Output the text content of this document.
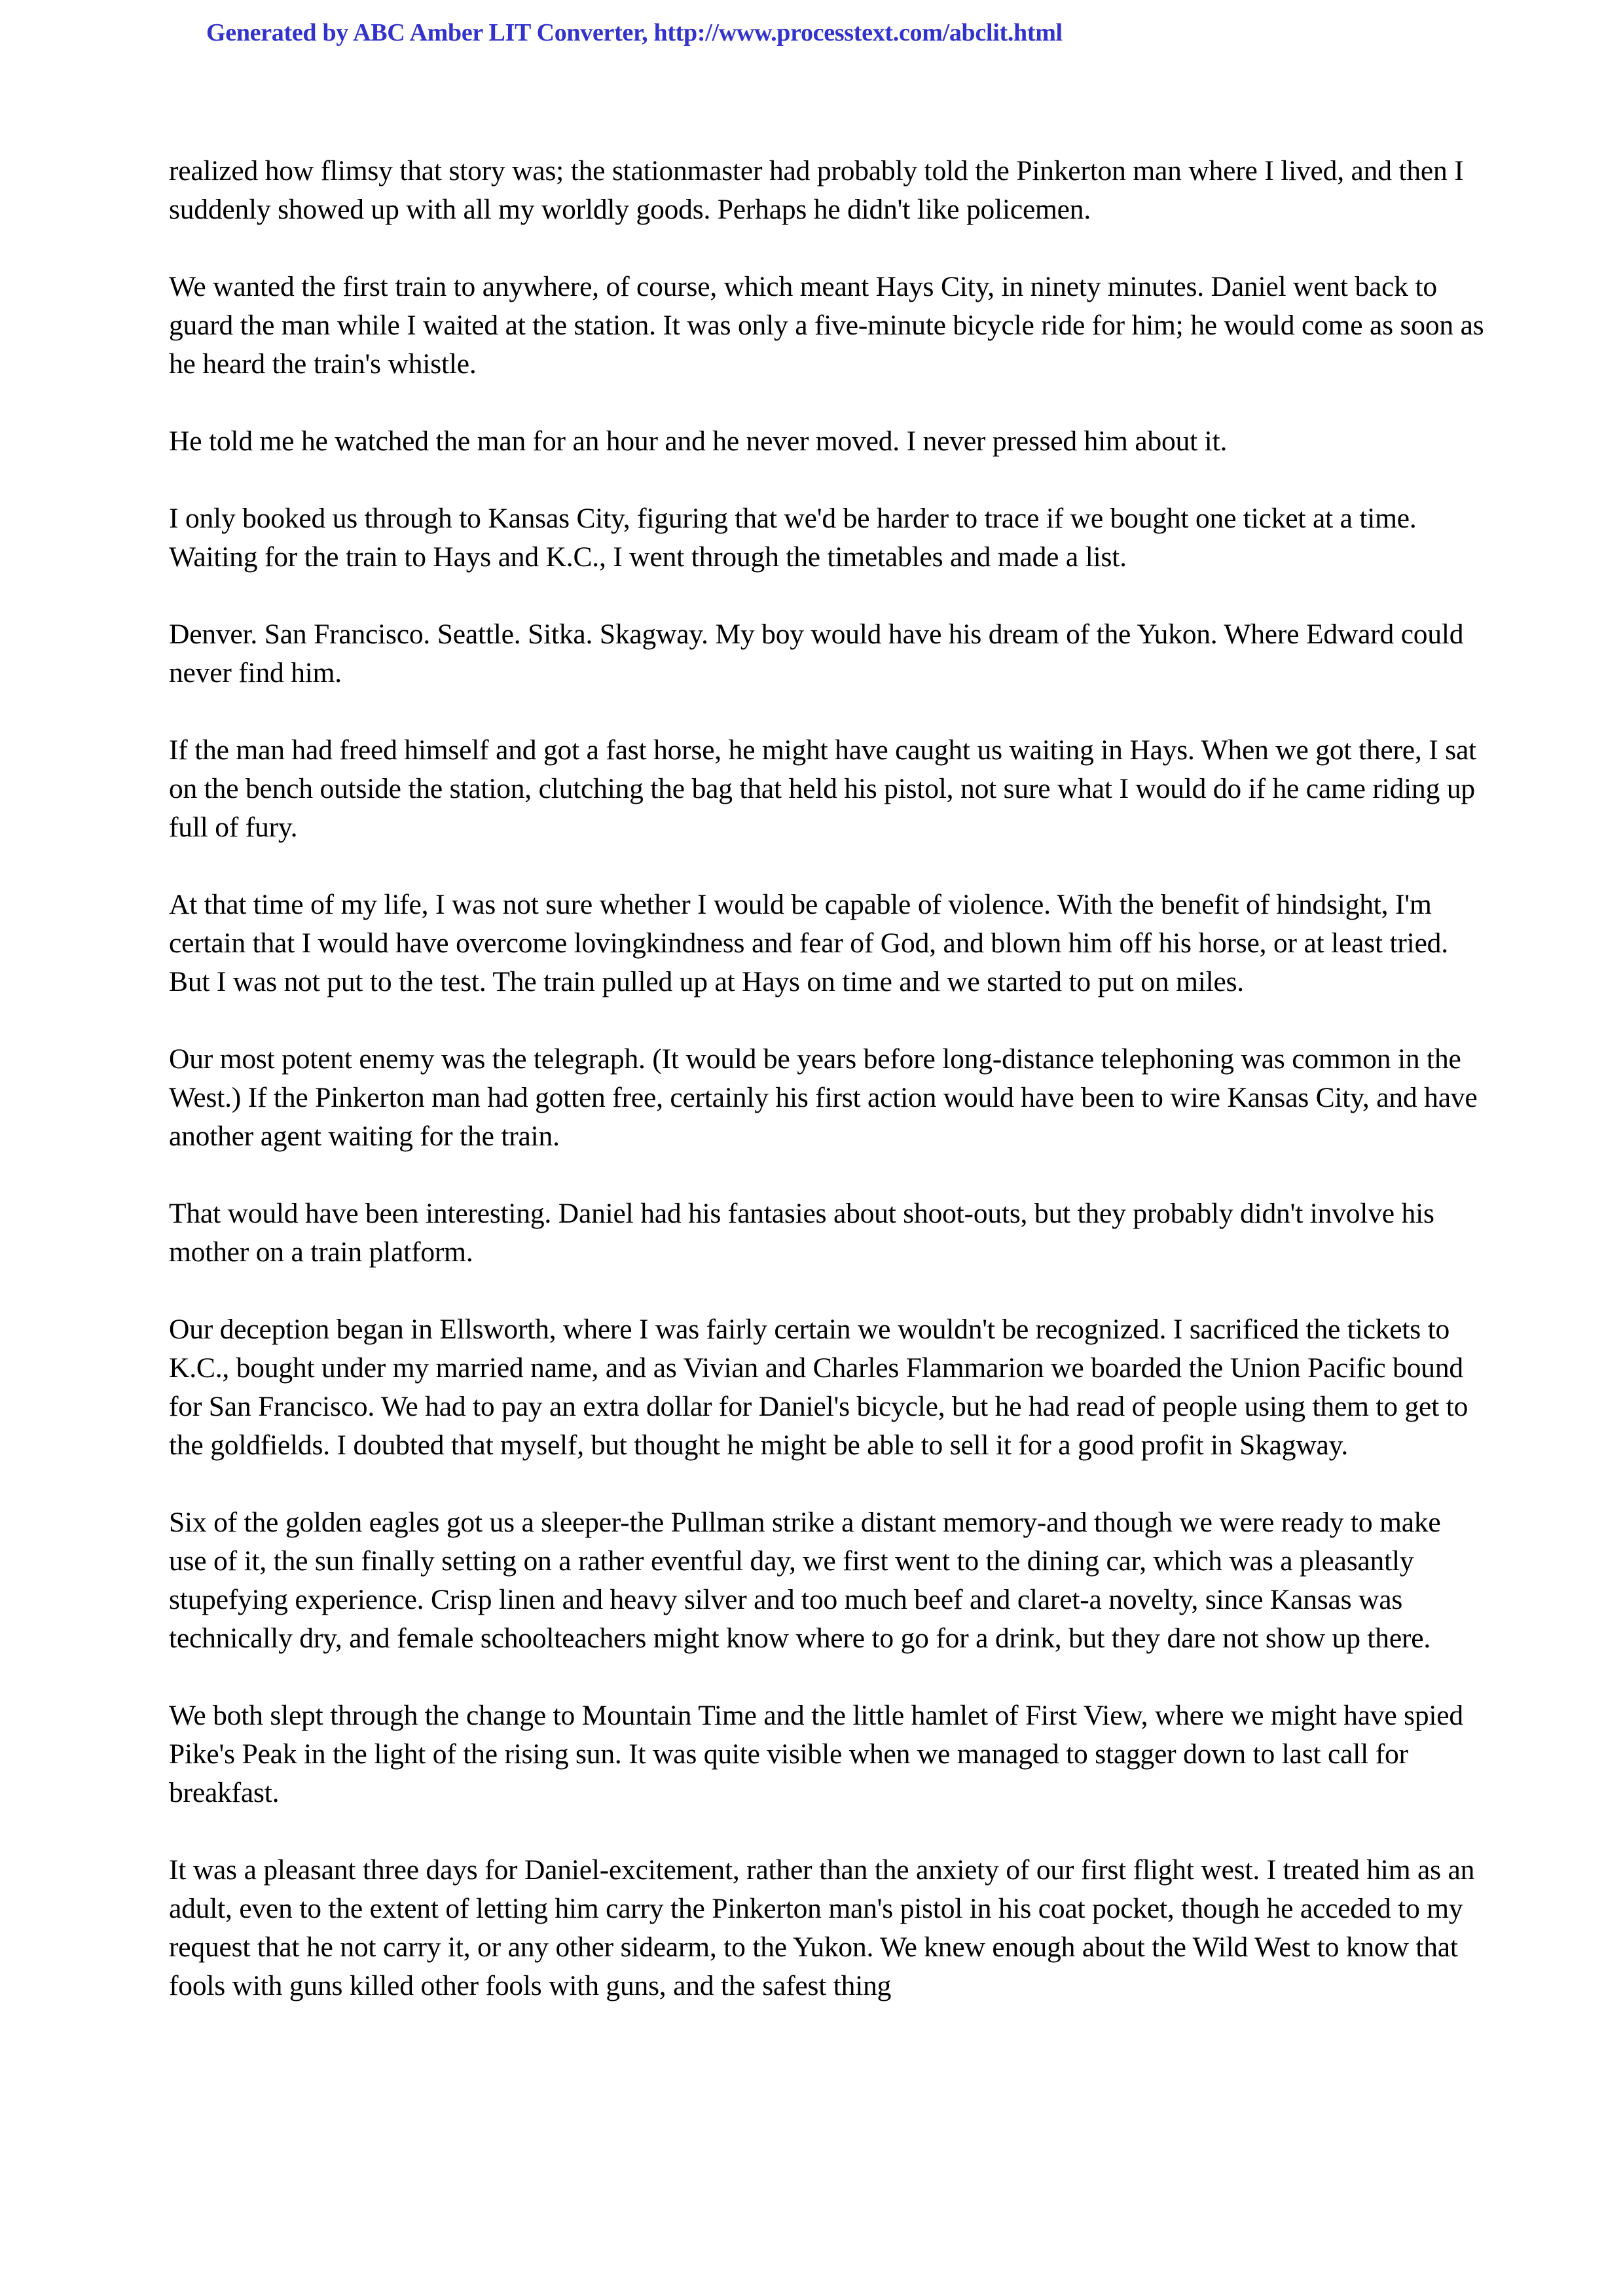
Generated by ABC Amber LIT Converter, http://www.processtext.com/abclit.html

realized how flimsy that story was; the stationmaster had probably told the Pinkerton man where I lived, and then I suddenly showed up with all my worldly goods. Perhaps he didn't like policemen.

We wanted the first train to anywhere, of course, which meant Hays City, in ninety minutes. Daniel went back to guard the man while I waited at the station. It was only a five-minute bicycle ride for him; he would come as soon as he heard the train's whistle.

He told me he watched the man for an hour and he never moved. I never pressed him about it.

I only booked us through to Kansas City, figuring that we'd be harder to trace if we bought one ticket at a time. Waiting for the train to Hays and K.C., I went through the timetables and made a list.

Denver. San Francisco. Seattle. Sitka. Skagway. My boy would have his dream of the Yukon. Where Edward could never find him.

If the man had freed himself and got a fast horse, he might have caught us waiting in Hays. When we got there, I sat on the bench outside the station, clutching the bag that held his pistol, not sure what I would do if he came riding up full of fury.

At that time of my life, I was not sure whether I would be capable of violence. With the benefit of hindsight, I'm certain that I would have overcome lovingkindness and fear of God, and blown him off his horse, or at least tried. But I was not put to the test. The train pulled up at Hays on time and we started to put on miles.

Our most potent enemy was the telegraph. (It would be years before long-distance telephoning was common in the West.) If the Pinkerton man had gotten free, certainly his first action would have been to wire Kansas City, and have another agent waiting for the train.

That would have been interesting. Daniel had his fantasies about shoot-outs, but they probably didn't involve his mother on a train platform.

Our deception began in Ellsworth, where I was fairly certain we wouldn't be recognized. I sacrificed the tickets to K.C., bought under my married name, and as Vivian and Charles Flammarion we boarded the Union Pacific bound for San Francisco. We had to pay an extra dollar for Daniel's bicycle, but he had read of people using them to get to the goldfields. I doubted that myself, but thought he might be able to sell it for a good profit in Skagway.

Six of the golden eagles got us a sleeper-the Pullman strike a distant memory-and though we were ready to make use of it, the sun finally setting on a rather eventful day, we first went to the dining car, which was a pleasantly stupefying experience. Crisp linen and heavy silver and too much beef and claret-a novelty, since Kansas was technically dry, and female schoolteachers might know where to go for a drink, but they dare not show up there.

We both slept through the change to Mountain Time and the little hamlet of First View, where we might have spied Pike's Peak in the light of the rising sun. It was quite visible when we managed to stagger down to last call for breakfast.

It was a pleasant three days for Daniel-excitement, rather than the anxiety of our first flight west. I treated him as an adult, even to the extent of letting him carry the Pinkerton man's pistol in his coat pocket, though he acceded to my request that he not carry it, or any other sidearm, to the Yukon. We knew enough about the Wild West to know that fools with guns killed other fools with guns, and the safest thing
